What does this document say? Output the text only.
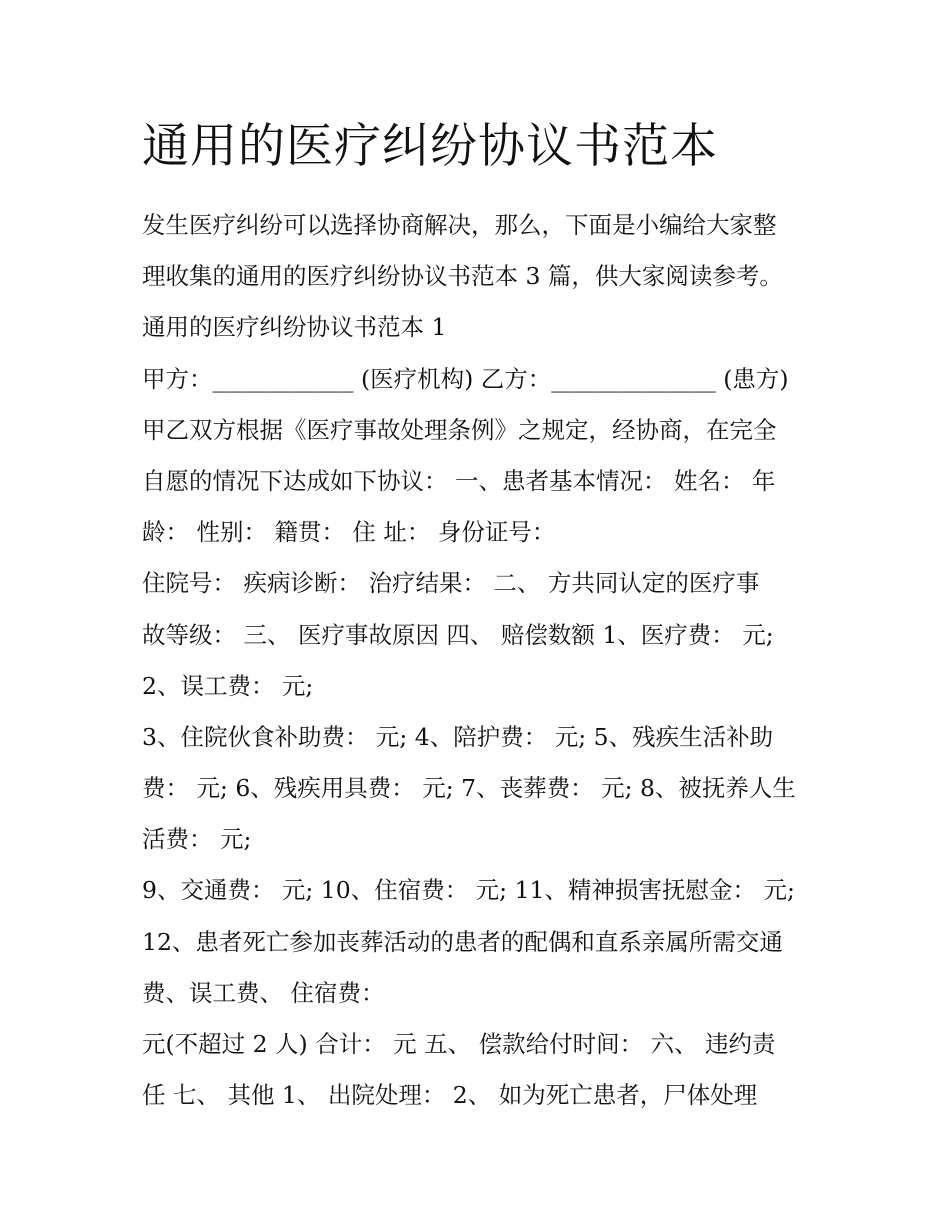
通用的医疗纠纷协议书范本
发生医疗纠纷可以选择协商解决，那么，下面是小编给大家整
理收集的通用的医疗纠纷协议书范本 3 篇，供大家阅读参考。
通用的医疗纠纷协议书范本 1
甲方：____________ (医疗机构) 乙方：______________ (患方)
甲乙双方根据《医疗事故处理条例》之规定，经协商，在完全
自愿的情况下达成如下协议： 一、患者基本情况： 姓名： 年
龄： 性别： 籍贯： 住 址： 身份证号：
住院号： 疾病诊断： 治疗结果： 二、 方共同认定的医疗事
故等级： 三、 医疗事故原因 四、 赔偿数额 1、医疗费： 元;
2、误工费： 元;
3、住院伙食补助费： 元; 4、陪护费： 元; 5、残疾生活补助
费： 元; 6、残疾用具费： 元; 7、丧葬费： 元; 8、被抚养人生
活费： 元;
9、交通费： 元; 10、住宿费： 元; 11、精神损害抚慰金： 元;
12、患者死亡参加丧葬活动的患者的配偶和直系亲属所需交通
费、误工费、 住宿费：
元(不超过 2 人) 合计： 元 五、 偿款给付时间： 六、 违约责
任 七、 其他 1、 出院处理： 2、 如为死亡患者，尸体处理
